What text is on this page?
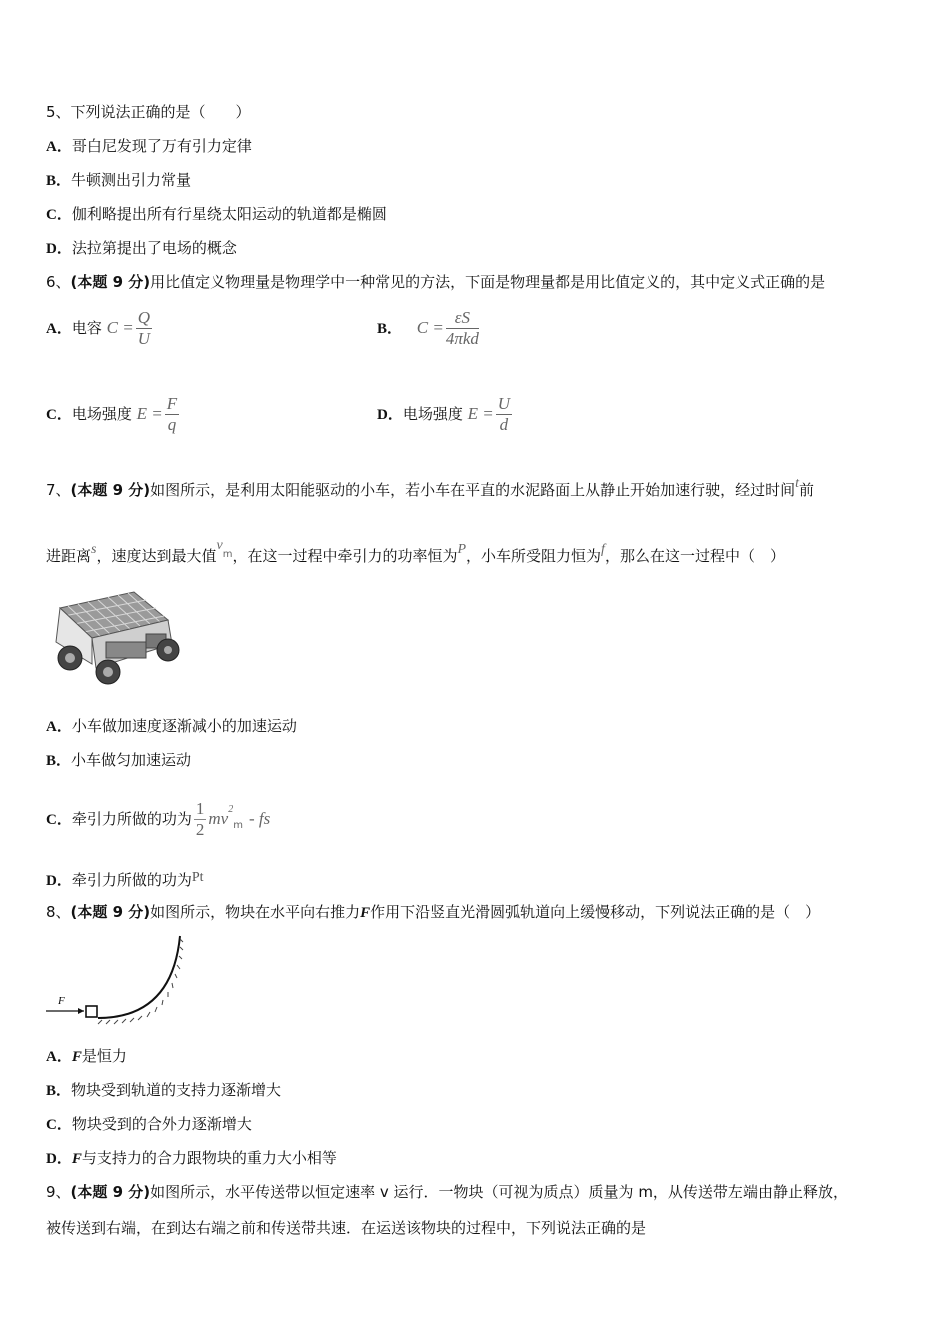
5、下列说法正确的是（　　）
A．哥白尼发现了万有引力定律
B．牛顿测出引力常量
C．伽利略提出所有行星绕太阳运动的轨道都是椭圆
D．法拉第提出了电场的概念
6、(本题 9 分)用比值定义物理量是物理学中一种常见的方法，下面是物理量都是用比值定义的，其中定义式正确的是
A．电容 $C = \frac{Q}{U}$	B． $C = \frac{\varepsilon S}{\text{4πkd}}$
C．电场强度 $E = \frac{F}{q}$	D．电场强度 $E = \frac{U}{d}$
7、(本题 9 分)如图所示，是利用太阳能驱动的小车，若小车在平直的水泥路面上从静止开始加速行驶，经过时间t前
进距离s，速度达到最大值$v^m$，在这一过程中牵引力的功率恒为P，小车所受阻力恒为f，那么在这一过程中（　）
A．小车做加速度逐渐减小的加速运动
B．小车做匀加速运动
C．牵引力所做的功为 $\frac{1}{2} mv^2_m$ - fs
D．牵引力所做的功为Pt
8、(本题 9 分)如图所示，物块在水平向右推力F作用下沿竖直光滑圆弧轨道向上缓慢移动，下列说法正确的是（　）
F
A．F是恒力
B．物块受到轨道的支持力逐渐增大
C．物块受到的合外力逐渐增大
D．F与支持力的合力跟物块的重力大小相等
9、(本题 9 分)如图所示，水平传送带以恒定速率 v 运行．一物块（可视为质点）质量为 m，从传送带左端由静止释放，
被传送到右端，在到达右端之前和传送带共速．在运送该物块的过程中，下列说法正确的是
